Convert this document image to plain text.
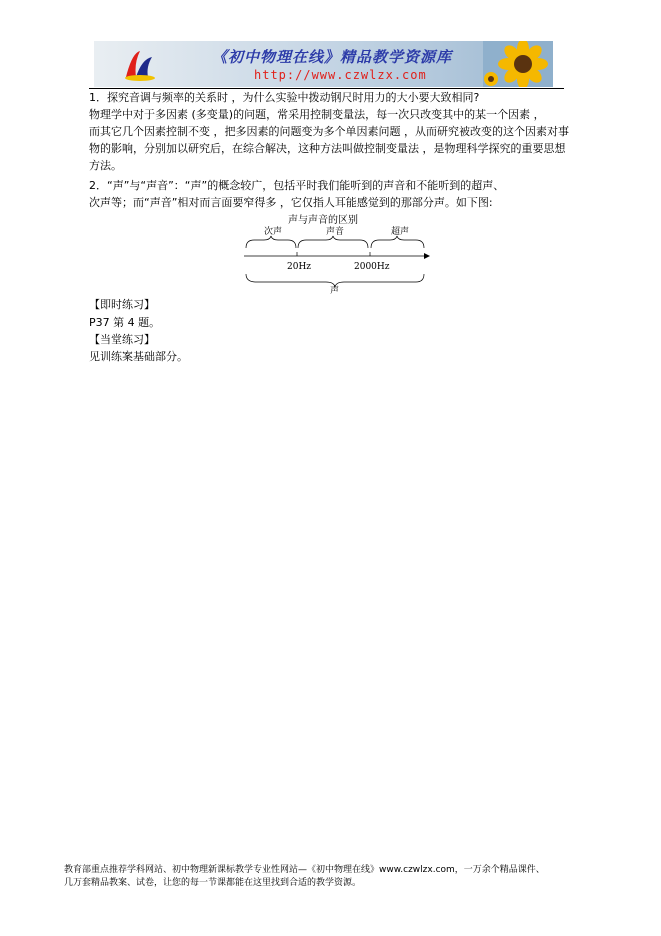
《初中物理在线》精品教学资源库
http://www.czwlzx.com
1．探究音调与频率的关系时 ，为什么实验中拨动钢尺时用力的大小要大致相同?
物理学中对于多因素 (多变量)的问题，常采用控制变量法，每一次只改变其中的某一个因素 ，
而其它几个因素控制不变 ，把多因素的问题变为多个单因素问题 ，从而研究被改变的这个因素对事
物的影响，分别加以研究后，在综合解决，这种方法叫做控制变量法 ，是物理科学探究的重要思想
方法。
2．“声”与“声音”：“声”的概念较广，包括平时我们能听到的声音和不能听到的超声、
次声等；而“声音”相对而言面要窄得多 ，它仅指人耳能感觉到的那部分声。如下图:
声与声音的区别
次声	声音	超声
20Hz	2000Hz
声
【即时练习】
P37 第 4 题。
【当堂练习】
见训练案基础部分。
教育部重点推荐学科网站、初中物理新课标教学专业性网站—《初中物理在线》www.czwlzx.com，一万余个精品课件、
几万套精品教案、试卷，让您的每一节课都能在这里找到合适的教学资源。
